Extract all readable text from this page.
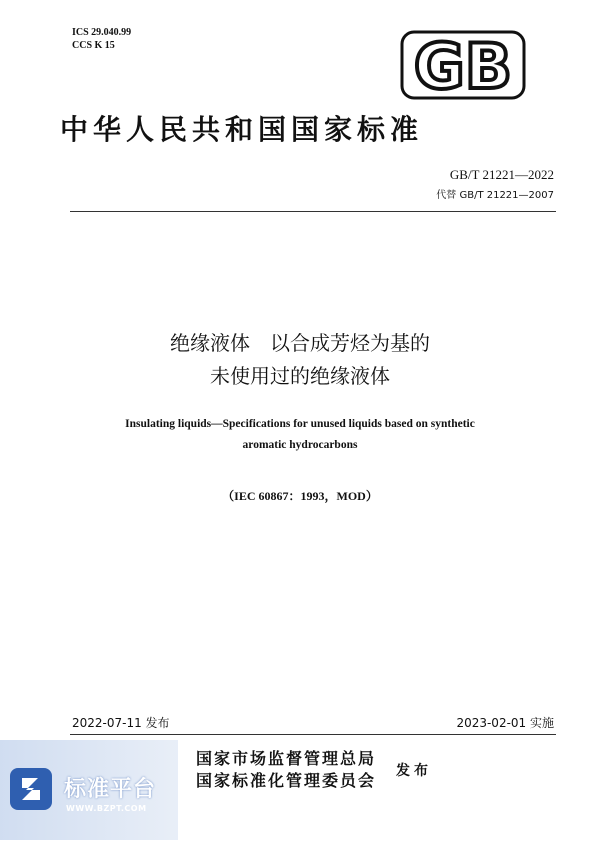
ICS 29.040.99
CCS K 15	GB
中华人民共和国国家标准
GB/T 21221—2022
代替 GB/T 21221—2007
绝缘液体　以合成芳烃为基的
未使用过的绝缘液体
Insulating liquids—Specifications for unused liquids based on synthetic
aromatic hydrocarbons
（IEC 60867：1993，MOD）
2022-07-11 发布	2023-02-01 实施
标准平台
WWW.BZPT.COM
国家市场监督管理总局
国家标准化管理委员会 发布
